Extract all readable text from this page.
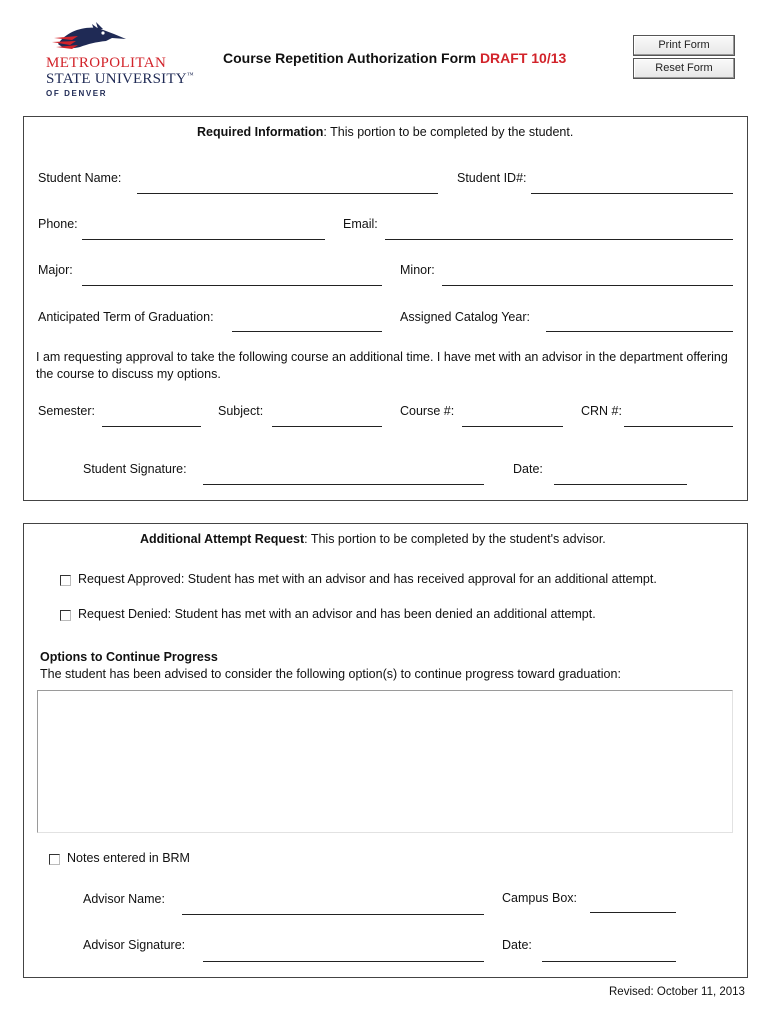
METROPOLITAN
STATE UNIVERSITY™
OF DENVER
Course Repetition Authorization Form DRAFT 10/13
Print Form
Reset Form
Required Information: This portion to be completed by the student.
Student Name:	Student ID#:
Phone:	Email:
Major:	Minor:
Anticipated Term of Graduation:	Assigned Catalog Year:
I am requesting approval to take the following course an additional time. I have met with an advisor in the department offering the course to discuss my options.
Semester:	Subject:	Course #:	CRN #:
Student Signature:	Date:
Additional Attempt Request: This portion to be completed by the student's advisor.
Request Approved: Student has met with an advisor and has received approval for an additional attempt.
Request Denied: Student has met with an advisor and has been denied an additional attempt.
Options to Continue Progress
The student has been advised to consider the following option(s) to continue progress toward graduation:
Notes entered in BRM
Advisor Name:	Campus Box:
Advisor Signature:	Date:
Revised: October 11, 2013
